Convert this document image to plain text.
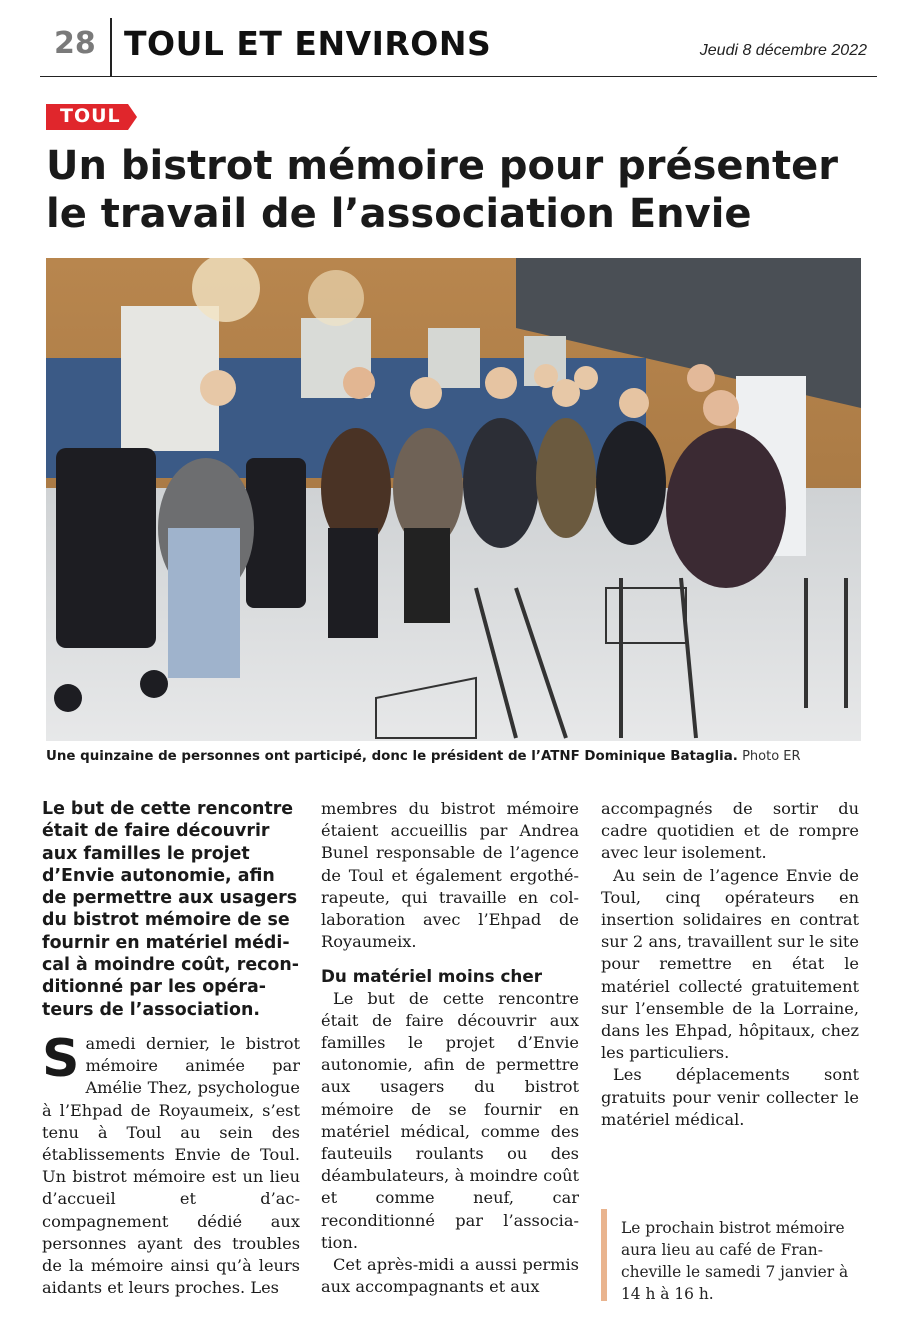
28 TOUL ET ENVIRONS	Jeudi 8 décembre 2022
TOUL
Un bistrot mémoire pour présenter
le travail de l’association Envie
Une quinzaine de personnes ont participé, donc le président de l’ATNF Dominique Bataglia. Photo ER

Le but de cette rencontre était de faire découvrir aux familles le projet d’Envie autonomie, afin de permettre aux usagers du bistrot mémoire de se fournir en matériel médical à moindre coût, reconditionné par les opérateurs de l’association.

Samedi dernier, le bistrot mémoire animée par Amélie Thez, psychologue à l’Ehpad de Royaumeix, s’est tenu à Toul au sein des établissements Envie de Toul. Un bistrot mémoire est un lieu d’accueil et d’accompagnement dédié aux personnes ayant des troubles de la mémoire ainsi qu’à leurs aidants et leurs proches. Les

membres du bistrot mémoire étaient accueillis par Andrea Bunel responsable de l’agence de Toul et également ergothérapeute, qui travaille en collaboration avec l’Ehpad de Royaumeix.

Du matériel moins cher

Le but de cette rencontre était de faire découvrir aux familles le projet d’Envie autonomie, afin de permettre aux usagers du bistrot mémoire de se fournir en matériel médical, comme des fauteuils roulants ou des déambulateurs, à moindre coût et comme neuf, car reconditionné par l’association.

Cet après-midi a aussi permis aux accompagnants et aux

accompagnés de sortir du cadre quotidien et de rompre avec leur isolement.

Au sein de l’agence Envie de Toul, cinq opérateurs en insertion solidaires en contrat sur 2 ans, travaillent sur le site pour remettre en état le matériel collecté gratuitement sur l’ensemble de la Lorraine, dans les Ehpad, hôpitaux, chez les particuliers.

Les déplacements sont gratuits pour venir collecter le matériel médical.

Le prochain bistrot mémoire aura lieu au café de Francheville le samedi 7 janvier à 14 h à 16 h.
